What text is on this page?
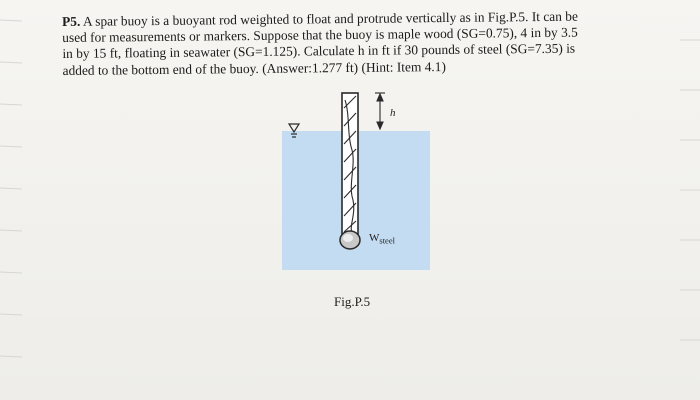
P5. A spar buoy is a buoyant rod weighted to float and protrude vertically as in Fig.P.5. It can be
used for measurements or markers. Suppose that the buoy is maple wood (SG=0.75), 4 in by 3.5
in by 15 ft, floating in seawater (SG=1.125). Calculate h in ft if 30 pounds of steel (SG=7.35) is
added to the bottom end of the buoy. (Answer:1.277 ft) (Hint: Item 4.1)
h
$W_{steel}$
Fig.P.5
